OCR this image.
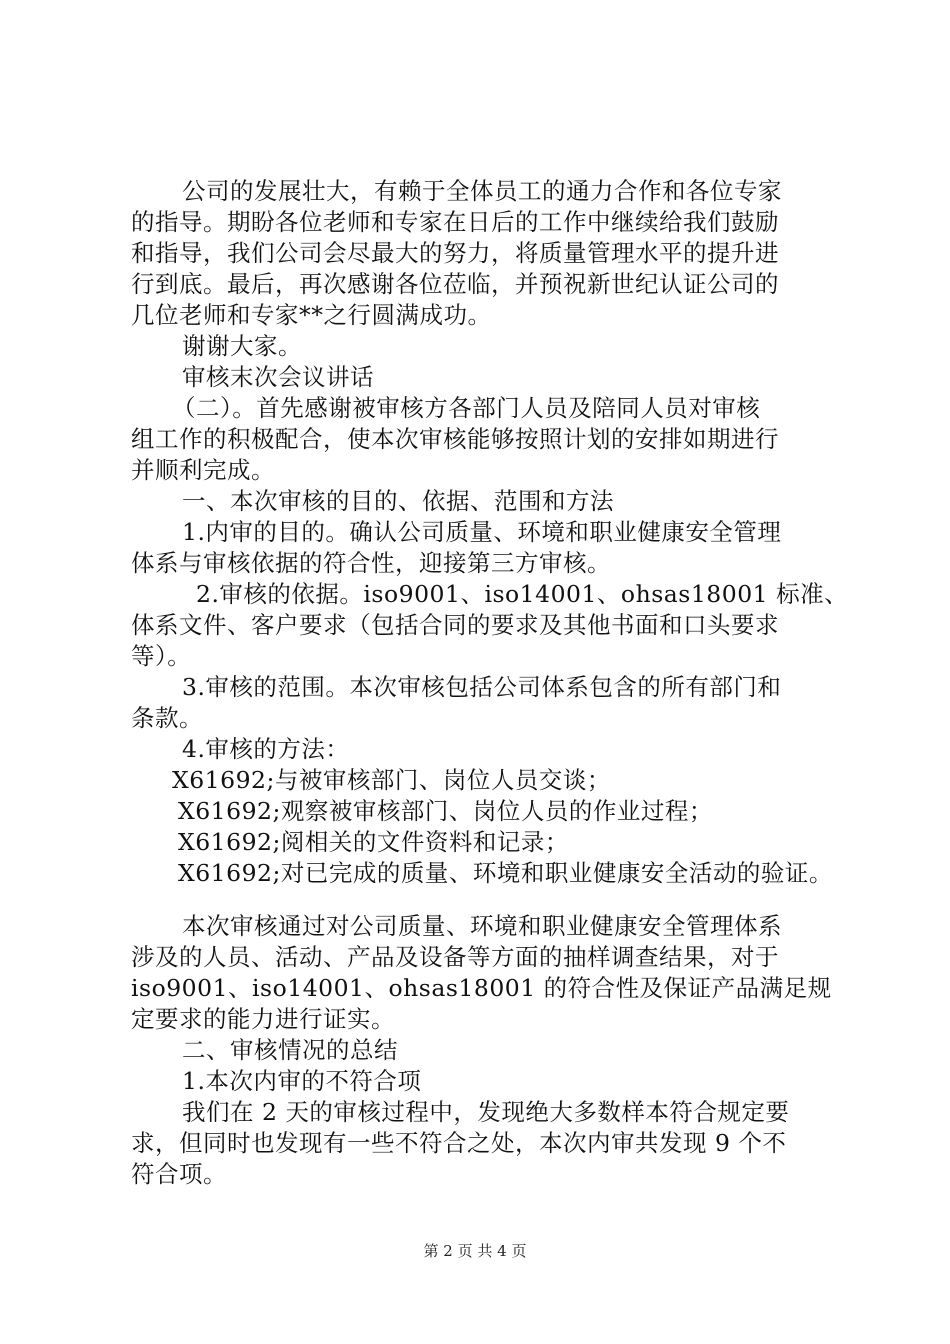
公司的发展壮大，有赖于全体员工的通力合作和各位专家
的指导。期盼各位老师和专家在日后的工作中继续给我们鼓励
和指导，我们公司会尽最大的努力，将质量管理水平的提升进
行到底。最后，再次感谢各位莅临，并预祝新世纪认证公司的
几位老师和专家**之行圆满成功。
谢谢大家。
审核末次会议讲话
（二）。首先感谢被审核方各部门人员及陪同人员对审核
组工作的积极配合，使本次审核能够按照计划的安排如期进行
并顺利完成。
一、本次审核的目的、依据、范围和方法
1.内审的目的。确认公司质量、环境和职业健康安全管理
体系与审核依据的符合性，迎接第三方审核。
2.审核的依据。iso9001、iso14001、ohsas18001 标准、
体系文件、客户要求（包括合同的要求及其他书面和口头要求
等）。
3.审核的范围。本次审核包括公司体系包含的所有部门和
条款。
4.审核的方法：
X61692;与被审核部门、岗位人员交谈；
X61692;观察被审核部门、岗位人员的作业过程；
X61692;阅相关的文件资料和记录；
X61692;对已完成的质量、环境和职业健康安全活动的验证。
本次审核通过对公司质量、环境和职业健康安全管理体系
涉及的人员、活动、产品及设备等方面的抽样调查结果，对于
iso9001、iso14001、ohsas18001 的符合性及保证产品满足规
定要求的能力进行证实。
二、审核情况的总结
1.本次内审的不符合项
我们在 2 天的审核过程中，发现绝大多数样本符合规定要
求，但同时也发现有一些不符合之处，本次内审共发现 9 个不
符合项。
第 2 页 共 4 页
